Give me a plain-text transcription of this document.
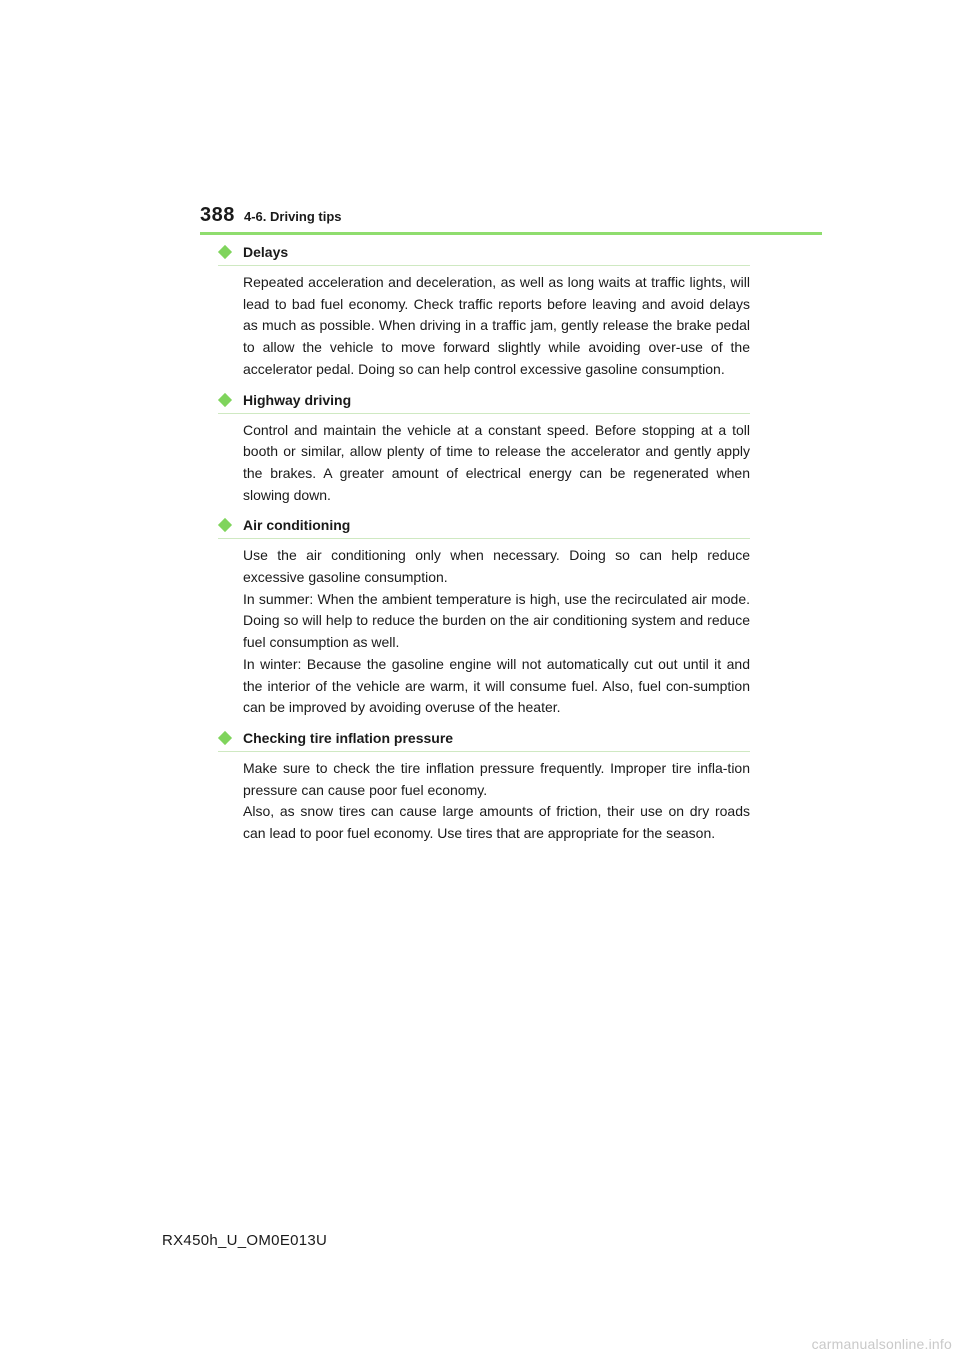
388 4-6. Driving tips
Delays

Repeated acceleration and deceleration, as well as long waits at traffic lights, will lead to bad fuel economy. Check traffic reports before leaving and avoid delays as much as possible. When driving in a traffic jam, gently release the brake pedal to allow the vehicle to move forward slightly while avoiding over-use of the accelerator pedal. Doing so can help control excessive gasoline consumption.

Highway driving

Control and maintain the vehicle at a constant speed. Before stopping at a toll booth or similar, allow plenty of time to release the accelerator and gently apply the brakes. A greater amount of electrical energy can be regenerated when slowing down.

Air conditioning

Use the air conditioning only when necessary. Doing so can help reduce excessive gasoline consumption.

In summer: When the ambient temperature is high, use the recirculated air mode. Doing so will help to reduce the burden on the air conditioning system and reduce fuel consumption as well.

In winter: Because the gasoline engine will not automatically cut out until it and the interior of the vehicle are warm, it will consume fuel. Also, fuel con-sumption can be improved by avoiding overuse of the heater.

Checking tire inflation pressure

Make sure to check the tire inflation pressure frequently. Improper tire infla-tion pressure can cause poor fuel economy.

Also, as snow tires can cause large amounts of friction, their use on dry roads can lead to poor fuel economy. Use tires that are appropriate for the season.

RX450h_U_OM0E013U
carmanualsonline.info
